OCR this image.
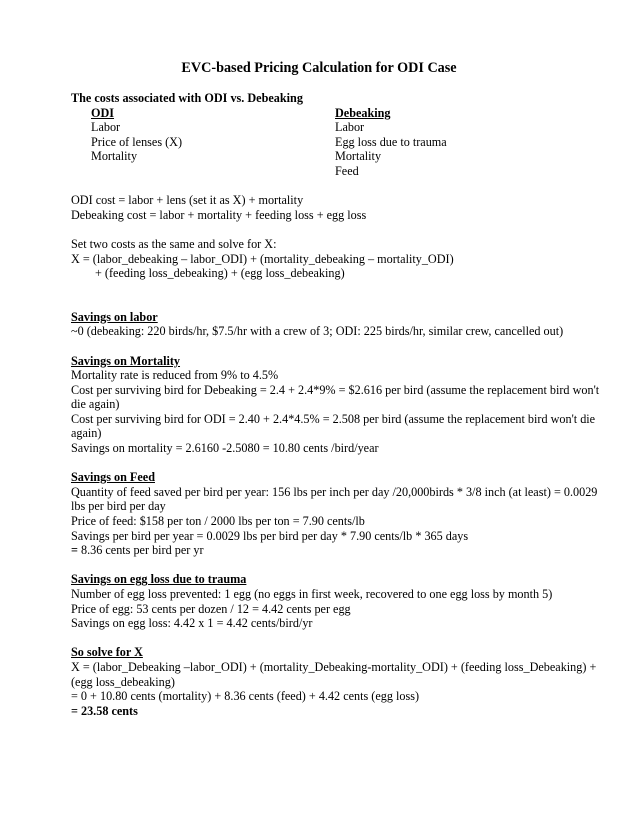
EVC-based Pricing Calculation for ODI Case
The costs associated with ODI vs. Debeaking
ODI
Labor
Price of lenses (X)
Mortality
Debeaking
Labor
Egg loss due to trauma
Mortality
Feed
ODI cost = labor + lens (set it as X) + mortality
Debeaking cost = labor + mortality + feeding loss + egg loss
Set two costs as the same and solve for X:
X = (labor_debeaking – labor_ODI) + (mortality_debeaking – mortality_ODI)
+ (feeding loss_debeaking) + (egg loss_debeaking)
Savings on labor
~0 (debeaking: 220 birds/hr, $7.5/hr with a crew of 3; ODI: 225 birds/hr, similar crew, cancelled out)
Savings on Mortality
Mortality rate is reduced from 9% to 4.5%
Cost per surviving bird for Debeaking = 2.4 + 2.4*9% = $2.616 per bird (assume the replacement bird won't die again)
Cost per surviving bird for ODI = 2.40 + 2.4*4.5% = 2.508 per bird (assume the replacement bird won't die again)
Savings on mortality = 2.6160 -2.5080 = 10.80 cents /bird/year
Savings on Feed
Quantity of feed saved per bird per year: 156 lbs per inch per day /20,000birds * 3/8 inch (at least) = 0.0029 lbs per bird per day
Price of feed: $158 per ton / 2000 lbs per ton = 7.90 cents/lb
Savings per bird per year = 0.0029 lbs per bird per day * 7.90 cents/lb * 365 days
= 8.36 cents per bird per yr
Savings on egg loss due to trauma
Number of egg loss prevented: 1 egg (no eggs in first week, recovered to one egg loss by month 5)
Price of egg: 53 cents per dozen / 12 = 4.42 cents per egg
Savings on egg loss: 4.42 x 1 = 4.42 cents/bird/yr
So solve for X
X = (labor_Debeaking –labor_ODI) + (mortality_Debeaking-mortality_ODI) + (feeding loss_Debeaking) + (egg loss_debeaking)
= 0 + 10.80 cents (mortality) + 8.36 cents (feed) + 4.42 cents (egg loss)
= 23.58 cents
